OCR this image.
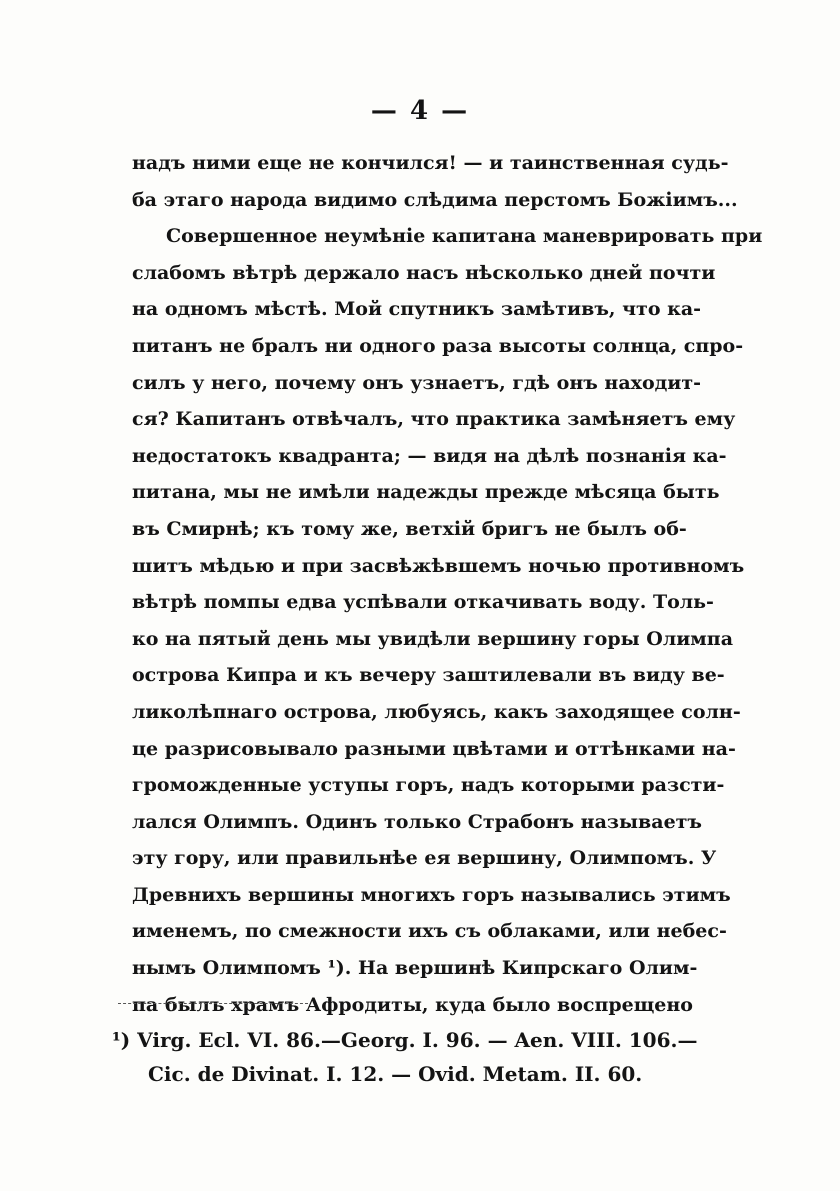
— 4 —
надъ ними еще не кончился! — и таинственная судь-
ба этаго народа видимо слѣдима перстомъ Божіимъ...
Совершенное неумѣніе капитана маневрировать при
слабомъ вѣтрѣ держало насъ нѣсколько дней почти
на одномъ мѣстѣ. Мой спутникъ замѣтивъ, что ка-
питанъ не бралъ ни одного раза высоты солнца, спро-
силъ у него, почему онъ узнаетъ, гдѣ онъ находит-
ся? Капитанъ отвѣчалъ, что практика замѣняетъ ему
недостатокъ квадранта; — видя на дѣлѣ познанія ка-
питана, мы не имѣли надежды прежде мѣсяца быть
въ Смирнѣ; къ тому же, ветхій бригъ не былъ об-
шитъ мѣдью и при засвѣжѣвшемъ ночью противномъ
вѣтрѣ помпы едва успѣвали откачивать воду. Толь-
ко на пятый день мы увидѣли вершину горы Олимпа
острова Кипра и къ вечеру заштилевали въ виду ве-
ликолѣпнаго острова, любуясь, какъ заходящее солн-
це разрисовывало разными цвѣтами и оттѣнками на-
громожденные уступы горъ, надъ которыми разсти-
лался Олимпъ. Одинъ только Страбонъ называетъ
эту гору, или правильнѣе ея вершину, Олимпомъ. У
Древнихъ вершины многихъ горъ назывались этимъ
именемъ, по смежности ихъ съ облаками, или небес-
нымъ Олимпомъ ¹). На вершинѣ Кипрскаго Олим-
па былъ храмъ Афродиты, куда было воспрещено
¹) Virg. Ecl. VI. 86.—Georg. I. 96. — Aen. VIII. 106.—
Cic. de Divinat. I. 12. — Ovid. Metam. II. 60.
